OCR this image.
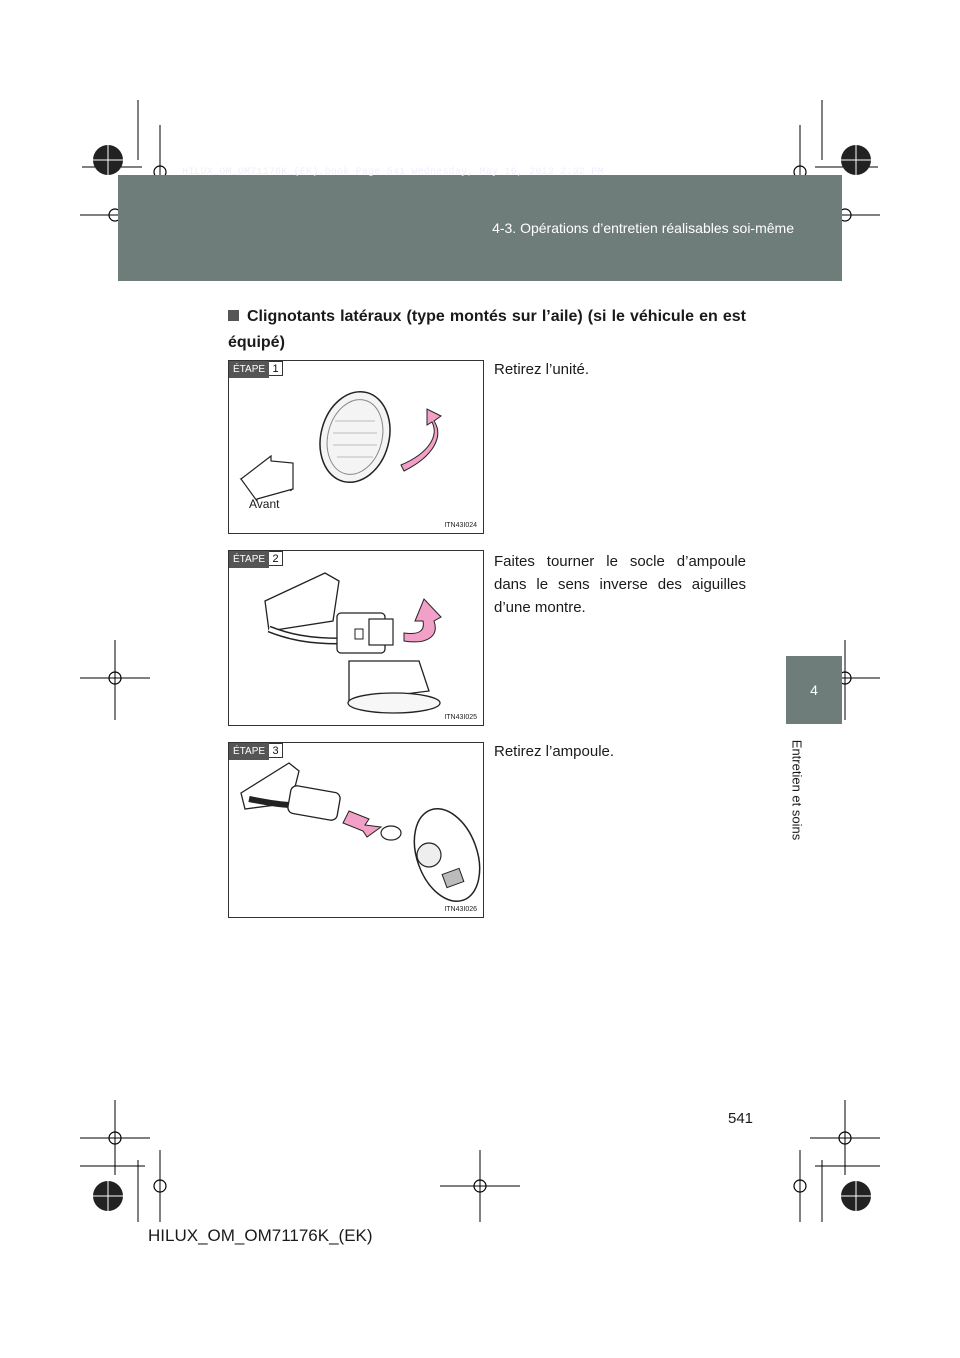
HILUX_OM_OM71176K_(EK).book Page 541 Wednesday, May 16, 2012 2:32 PM
4-3. Opérations d’entretien réalisables soi-même
4
Entretien et soins
Clignotants latéraux (type montés sur l’aile) (si le véhicule en est équipé)
ÉTAPE 1
Avant
ITN43I024
Retirez l’unité.
ÉTAPE 2
ITN43I025
Faites tourner le socle d’ampoule dans le sens inverse des aiguilles d’une montre.
ÉTAPE 3
ITN43I026
Retirez l’ampoule.
541
HILUX_OM_OM71176K_(EK)
